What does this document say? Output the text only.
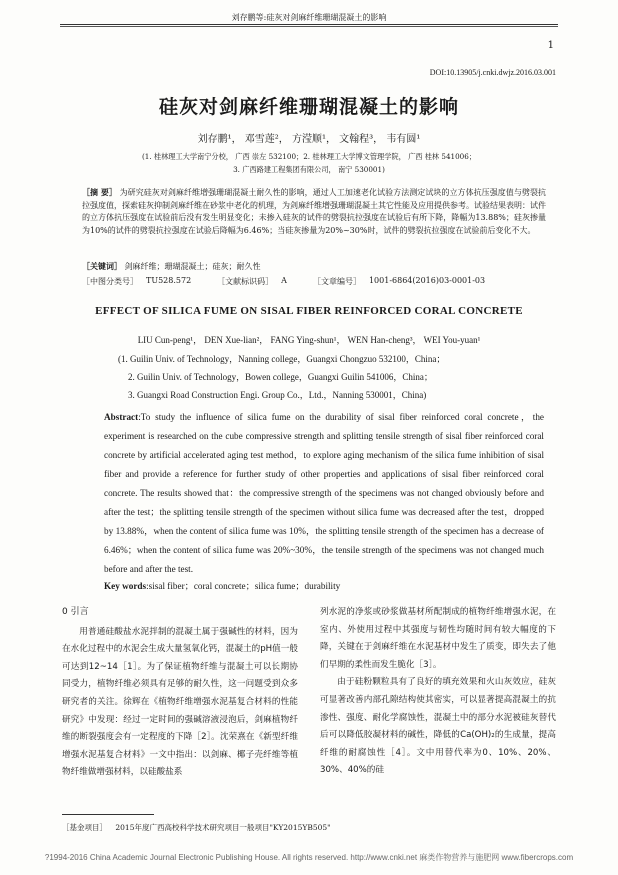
刘存鹏等:硅灰对剑麻纤维珊瑚混凝土的影响
1
DOI:10.13905/j.cnki.dwjz.2016.03.001
硅灰对剑麻纤维珊瑚混凝土的影响
刘存鹏¹， 邓雪莲²， 方滢顺¹， 文翰程³， 韦有圆¹
(1. 桂林理工大学南宁分校， 广西 崇左 532100；2. 桂林理工大学博文管理学院， 广西 桂林 541006；
3. 广西路建工程集团有限公司， 南宁 530001)
［摘 要］ 为研究硅灰对剑麻纤维增强珊瑚混凝土耐久性的影响，通过人工加速老化试验方法测定试块的立方体抗压强度值与劈裂抗拉强度值，探索硅灰抑制剑麻纤维在砂浆中老化的机理，为剑麻纤维增强珊瑚混凝土其它性能及应用提供参考。试验结果表明：试件的立方体抗压强度在试验前后没有发生明显变化；未掺入硅灰的试件的劈裂抗拉强度在试验后有所下降，降幅为13.88%；硅灰掺量为10%的试件的劈裂抗拉强度在试验后降幅为6.46%；当硅灰掺量为20%~30%时，试件的劈裂抗拉强度在试验前后变化不大。
［关键词］ 剑麻纤维；珊瑚混凝土；硅灰；耐久性
［中图分类号］ TU528.572	［文献标识码］ A	［文章编号］ 1001-6864(2016)03-0001-03
EFFECT OF SILICA FUME ON SISAL FIBER REINFORCED CORAL CONCRETE
LIU Cun-peng¹， DEN Xue-lian²， FANG Ying-shun¹， WEN Han-cheng³， WEI You-yuan¹
(1. Guilin Univ. of Technology，Nanning college，Guangxi Chongzuo 532100，China；
2. Guilin Univ. of Technology，Bowen college，Guangxi Guilin 541006，China；
3. Guangxi Road Construction Engi. Group Co.，Ltd.，Nanning 530001，China)
Abstract:To study the influence of silica fume on the durability of sisal fiber reinforced coral concrete，the experiment is researched on the cube compressive strength and splitting tensile strength of sisal fiber reinforced coral concrete by artificial accelerated aging test method，to explore aging mechanism of the silica fume inhibition of sisal fiber and provide a reference for further study of other properties and applications of sisal fiber reinforced coral concrete. The results showed that：the compressive strength of the specimens was not changed obviously before and after the test；the splitting tensile strength of the specimen without silica fume was decreased after the test，dropped by 13.88%，when the content of silica fume was 10%，the splitting tensile strength of the specimen has a decrease of 6.46%；when the content of silica fume was 20%~30%，the tensile strength of the specimens was not changed much before and after the test.
Key words:sisal fiber；coral concrete；silica fume；durability
0 引言

用普通硅酸盐水泥拌制的混凝土属于强碱性的材料，因为在水化过程中的水泥会生成大量氢氧化钙，混凝土的pH值一般可达到12~14［1］。为了保证植物纤维与混凝土可以长期协同受力，植物纤维必须具有足够的耐久性，这一问题受到众多研究者的关注。徐辉在《植物纤维增强水泥基复合材料的性能研究》中发现：经过一定时间的强碱溶液浸泡后，剑麻植物纤维的断裂强度会有一定程度的下降［2］。沈荣熹在《新型纤维增强水泥基复合材料》一文中指出：以剑麻、椰子壳纤维等植物纤维做增强材料，以硅酸盐系

列水泥的净浆或砂浆做基材所配制成的植物纤维增强水泥，在室内、外使用过程中其强度与韧性均随时间有较大幅度的下降，关键在于剑麻纤维在水泥基材中发生了质变，即失去了他们早期的柔性而发生脆化［3］。

由于硅粉颗粒具有了良好的填充效果和火山灰效应，硅灰可显著改善内部孔隙结构使其密实，可以显著提高混凝土的抗渗性、强度、耐化学腐蚀性，混凝土中的部分水泥被硅灰替代后可以降低胶凝材料的碱性，降低的Ca(OH)₂的生成量，提高纤维的耐腐蚀性［4］。文中用替代率为0、10%、20%、30%、40%的硅

［基金项目］ 2015年度广西高校科学技术研究项目一般项目"KY2015YB505"
?1994-2016 China Academic Journal Electronic Publishing House. All rights reserved. http://www.cnki.net 麻类作物营养与施肥网 www.fibercrops.com
